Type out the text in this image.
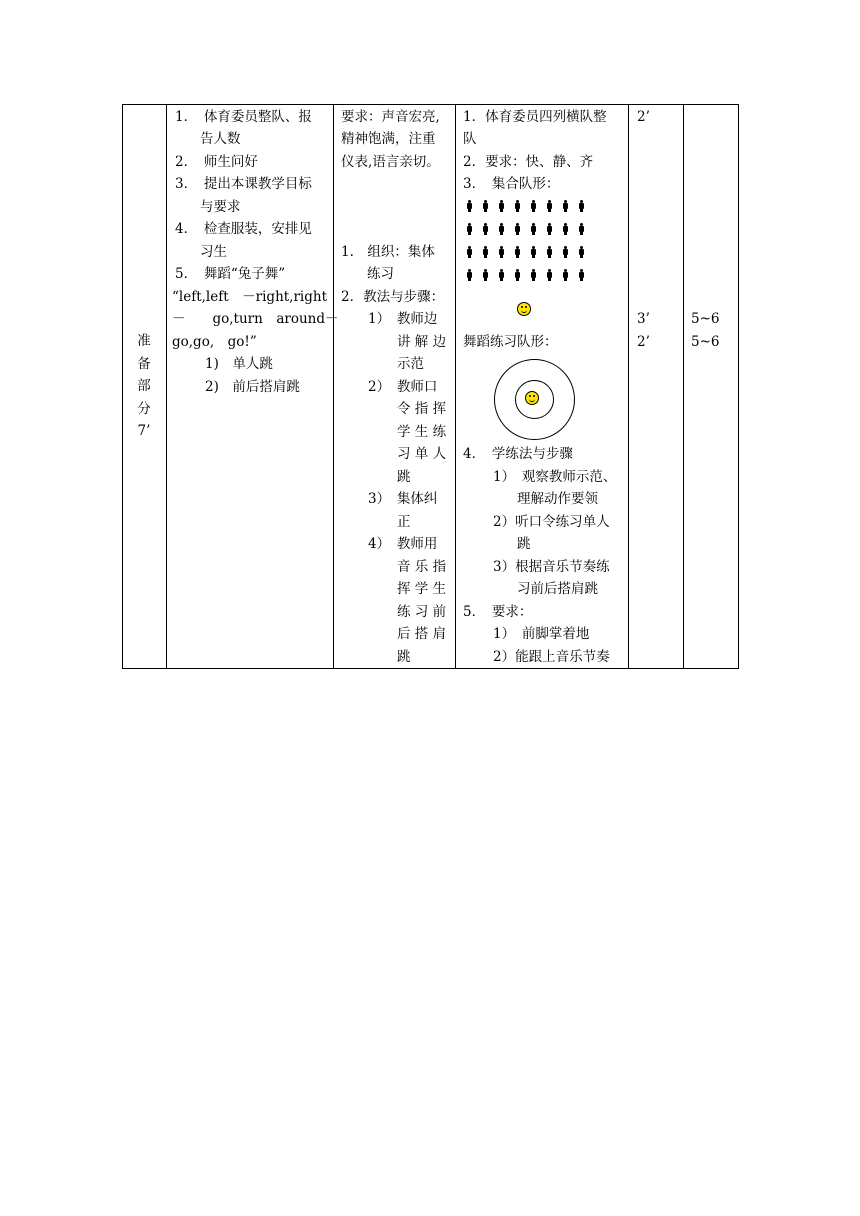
准
备
部
分
7’
1．　体育委员整队、报
告人数
2．　师生问好
3．　提出本课教学目标
与要求
4．　检查服装，安排见
习生
5．　舞蹈“兔子舞”
“left,left　－right,right
－　　go,turn　around－
go,go,　go!”
1)　单人跳
2)　前后搭肩跳
要求：声音宏亮,
精神饱满，注重
仪表,语言亲切。
1.　组织：集体
练习
2．教法与步骤：
1）　教师边
讲 解 边
示范
2）　教师口
令 指 挥
学 生 练
习 单 人
跳
3）　集体纠
正
4）　教师用
音 乐 指
挥 学 生
练 习 前
后 搭 肩
跳
1．体育委员四列横队整
队
2．要求：快、静、齐
3．　集合队形：
舞蹈练习队形：
4．　学练法与步骤
1）　观察教师示范、
理解动作要领
2）听口令练习单人
跳
3）根据音乐节奏练
习前后搭肩跳
5．　要求：
1）　前脚掌着地
2）能跟上音乐节奏
2’
3’
2’
5~6
5~6
